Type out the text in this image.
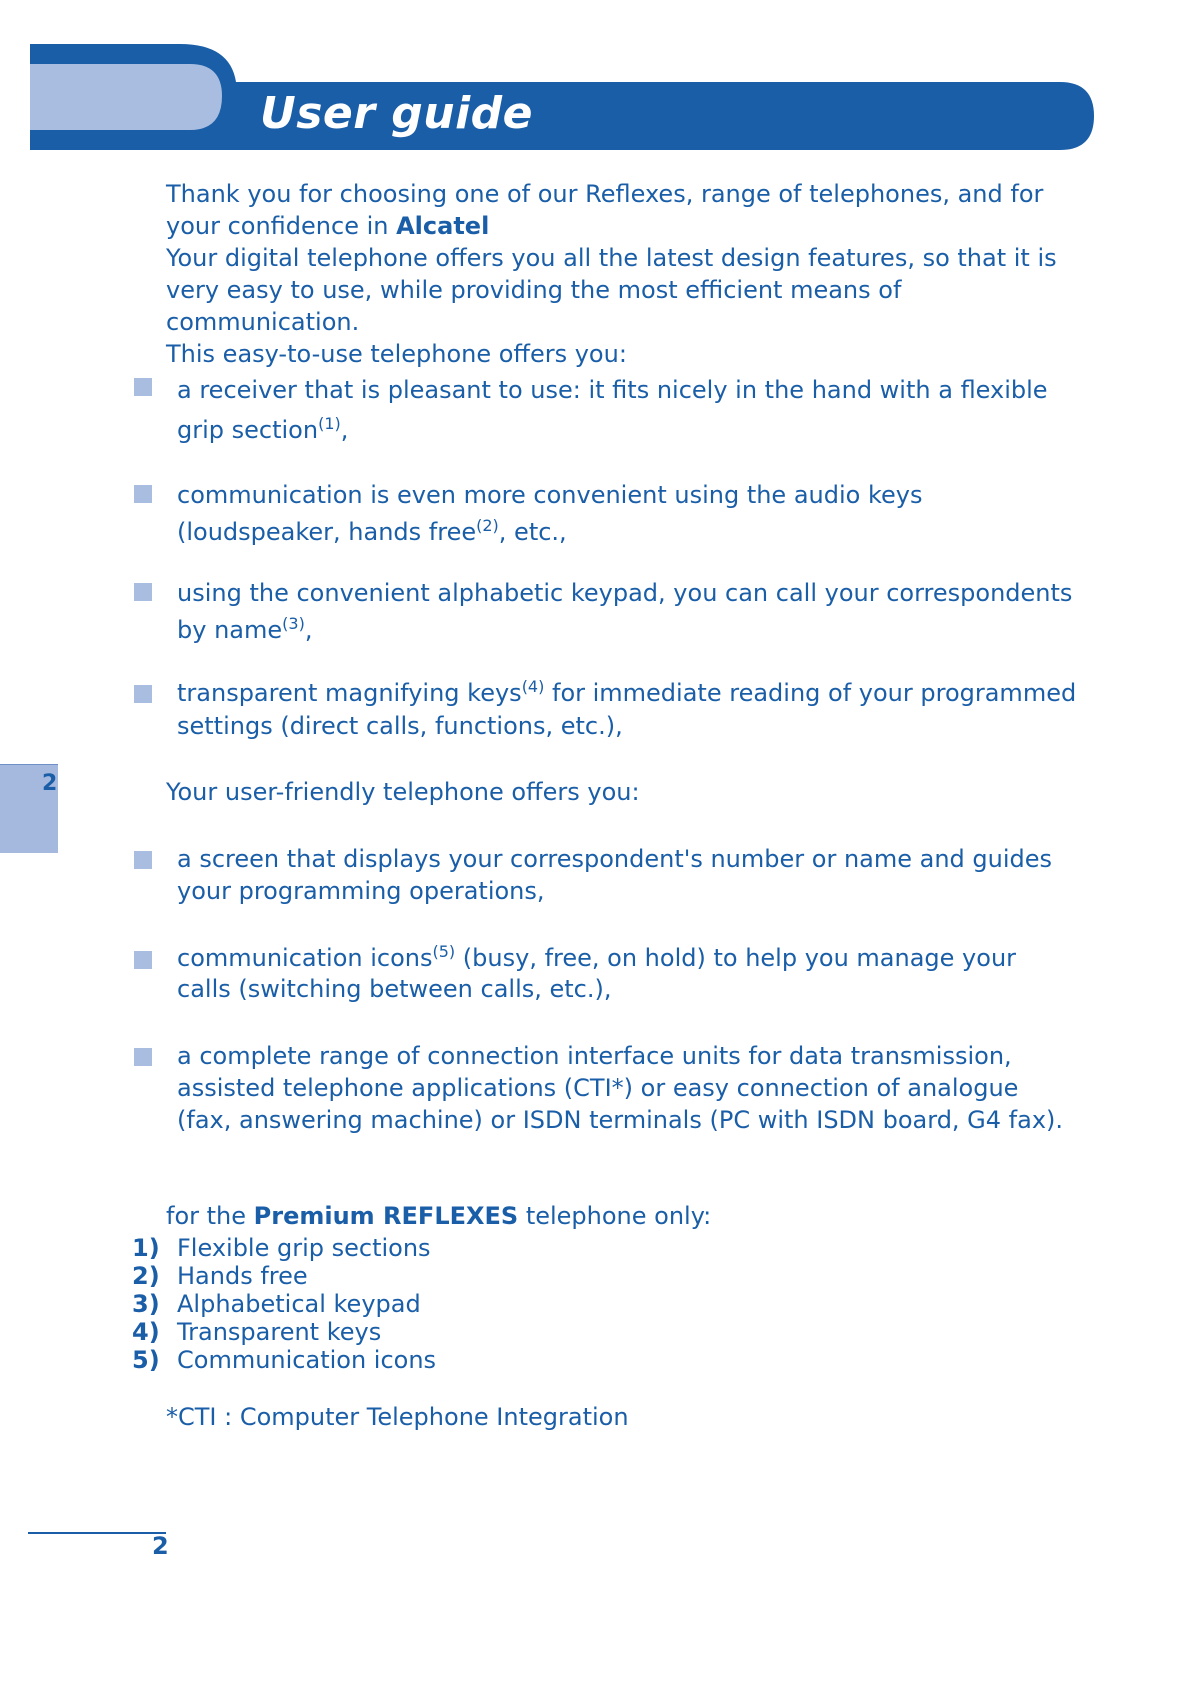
User guide
2

Thank you for choosing one of our Reflexes, range of telephones, and for your confidence in Alcatel
Your digital telephone offers you all the latest design features, so that it is very easy to use, while providing the most efficient means of communication.
This easy-to-use telephone offers you:

a receiver that is pleasant to use: it fits nicely in the hand with a flexible grip section$^{(1)}$,

communication is even more convenient using the audio keys (loudspeaker, hands free$^{(2)}$, etc.,

using the convenient alphabetic keypad, you can call your correspondents by name$^{(3)}$,

transparent magnifying keys$^{(4)}$ for immediate reading of your programmed settings (direct calls, functions, etc.),

Your user-friendly telephone offers you:

a screen that displays your correspondent's number or name and guides your programming operations,

communication icons$^{(5)}$ (busy, free, on hold) to help you manage your calls (switching between calls, etc.),

a complete range of connection interface units for data transmission, assisted telephone applications (CTI*) or easy connection of analogue (fax, answering machine) or ISDN terminals (PC with ISDN board, G4 fax).

for the Premium REFLEXES telephone only:

1) Flexible grip sections
2) Hands free
3) Alphabetical keypad
4) Transparent keys
5) Communication icons

*CTI : Computer Telephone Integration

2
